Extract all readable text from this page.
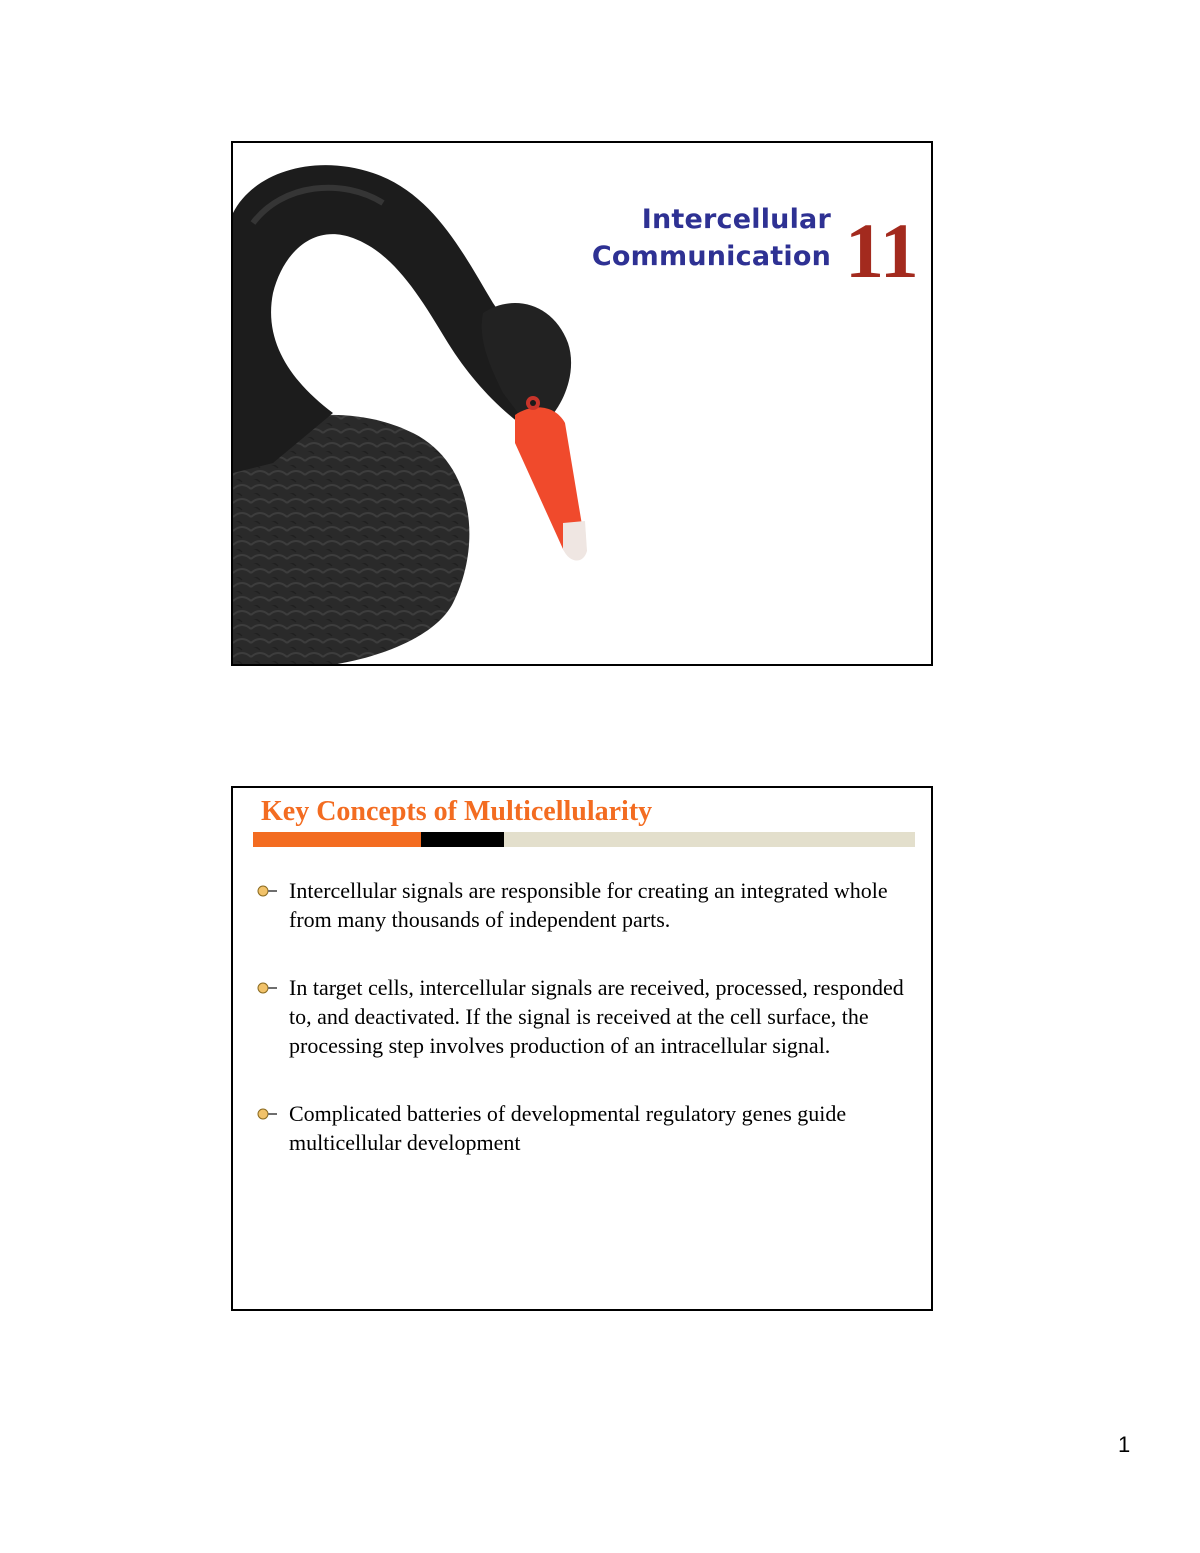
Intercellular
Communication 11
Key Concepts of Multicellularity
Intercellular signals are responsible for creating an integrated whole from many thousands of independent parts.
In target cells, intercellular signals are received, processed, responded to, and deactivated. If the signal is received at the cell surface, the processing step involves production of an intracellular signal.
Complicated batteries of developmental regulatory genes guide multicellular development
1
